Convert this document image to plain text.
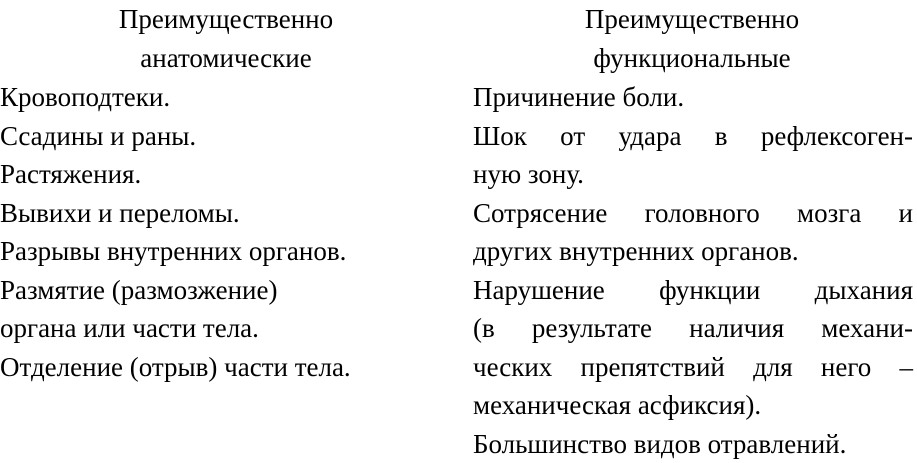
Преимущественно
анатомические
Кровоподтеки.
Ссадины и раны.
Растяжения.
Вывихи и переломы.
Разрывы внутренних органов.
Размятие (размозжение)
органа или части тела.
Отделение (отрыв) части тела.
Преимущественно
функциональные
Причинение боли.
Шок от удара в рефлексоген-
ную зону.
Сотрясение головного мозга и
других внутренних органов.
Нарушение функции дыхания
(в результате наличия механи-
ческих препятствий для него –
механическая асфиксия).
Большинство видов отравлений.
